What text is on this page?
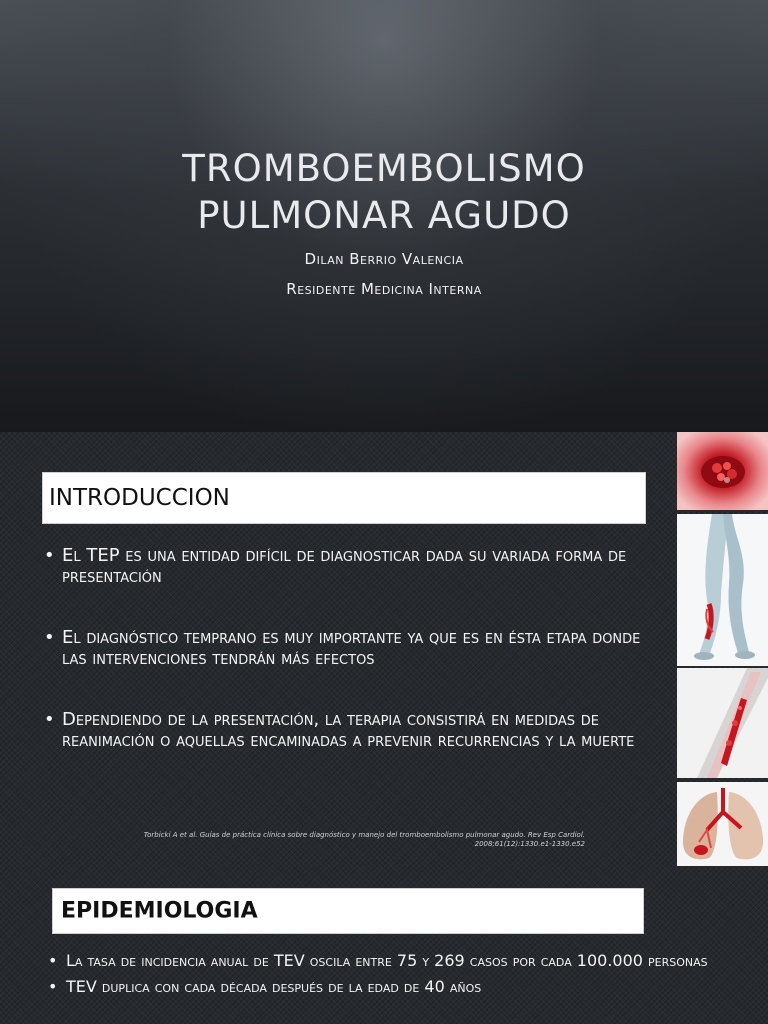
TROMBOEMBOLISMO
PULMONAR AGUDO
Dilan Berrio Valencia
Residente Medicina Interna
INTRODUCCION
• El TEP es una entidad difícil de diagnosticar dada su variada forma de presentación
• El diagnóstico temprano es muy importante ya que es en ésta etapa donde las intervenciones tendrán más efectos
• Dependiendo de la presentación, la terapia consistirá en medidas de reanimación o aquellas encaminadas a prevenir recurrencias y la muerte
Torbicki A et al. Guías de práctica clínica sobre diagnóstico y manejo del tromboembolismo pulmonar agudo. Rev Esp Cardiol. 2008;61(12):1330.e1-1330.e52
EPIDEMIOLOGIA
• La tasa de incidencia anual de TEV oscila entre 75 y 269 casos por cada 100.000 personas
• TEV duplica con cada década después de la edad de 40 años
